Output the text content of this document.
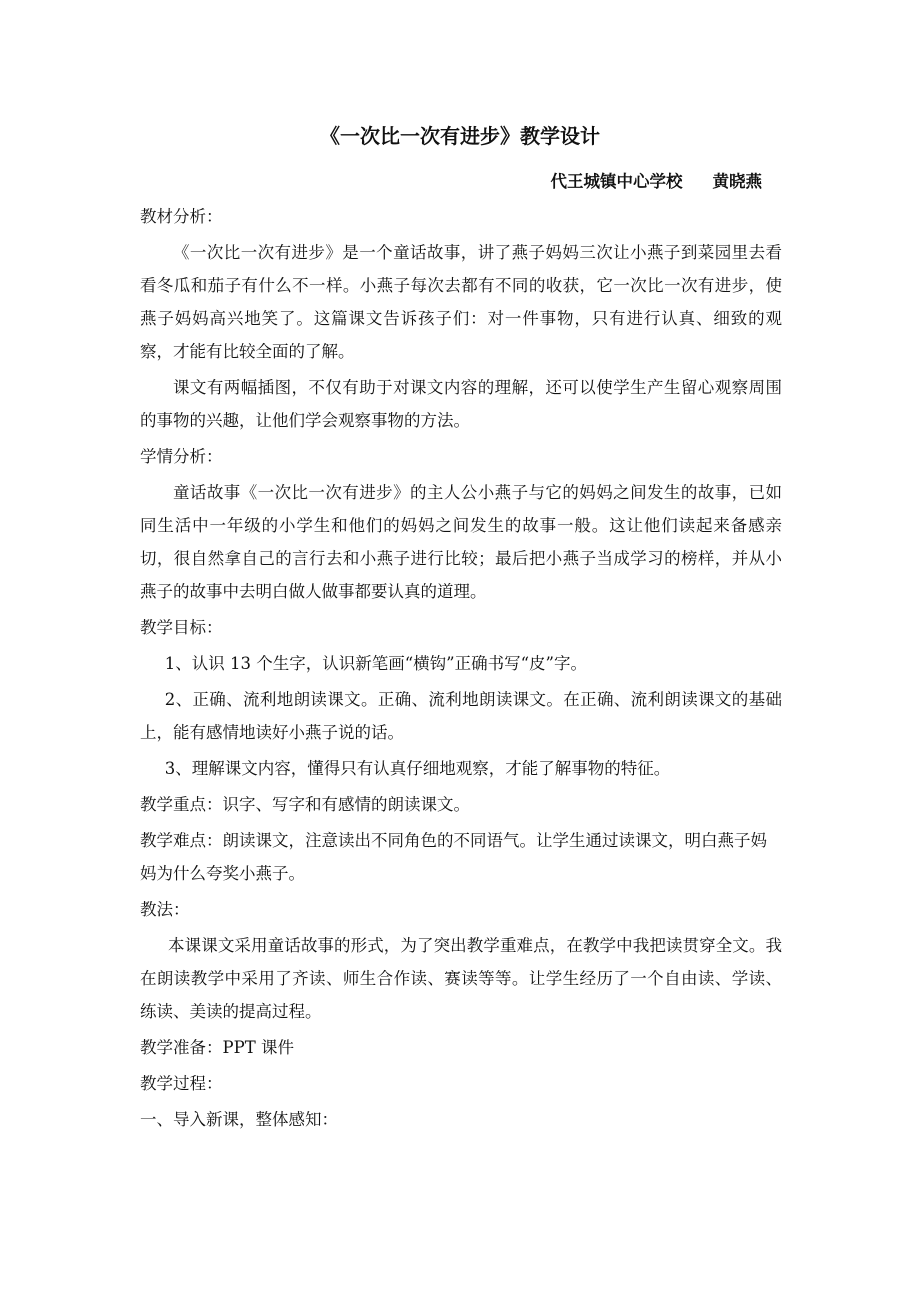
《一次比一次有进步》教学设计
代王城镇中心学校 黄晓燕

教材分析：

《一次比一次有进步》是一个童话故事，讲了燕子妈妈三次让小燕子到菜园里去看看冬瓜和茄子有什么不一样。小燕子每次去都有不同的收获，它一次比一次有进步，使燕子妈妈高兴地笑了。这篇课文告诉孩子们：对一件事物，只有进行认真、细致的观察，才能有比较全面的了解。

课文有两幅插图，不仅有助于对课文内容的理解，还可以使学生产生留心观察周围的事物的兴趣，让他们学会观察事物的方法。

学情分析：

童话故事《一次比一次有进步》的主人公小燕子与它的妈妈之间发生的故事，已如同生活中一年级的小学生和他们的妈妈之间发生的故事一般。这让他们读起来备感亲切，很自然拿自己的言行去和小燕子进行比较；最后把小燕子当成学习的榜样，并从小燕子的故事中去明白做人做事都要认真的道理。

教学目标：

1、认识 13 个生字，认识新笔画“横钩”正确书写“皮”字。

2、正确、流利地朗读课文。正确、流利地朗读课文。在正确、流利朗读课文的基础上，能有感情地读好小燕子说的话。

3、理解课文内容，懂得只有认真仔细地观察，才能了解事物的特征。

教学重点：识字、写字和有感情的朗读课文。

教学难点：朗读课文，注意读出不同角色的不同语气。让学生通过读课文，明白燕子妈妈为什么夸奖小燕子。

教法：

本课课文采用童话故事的形式，为了突出教学重难点，在教学中我把读贯穿全文。我在朗读教学中采用了齐读、师生合作读、赛读等等。让学生经历了一个自由读、学读、练读、美读的提高过程。

教学准备：PPT 课件

教学过程：

一、导入新课，整体感知：
